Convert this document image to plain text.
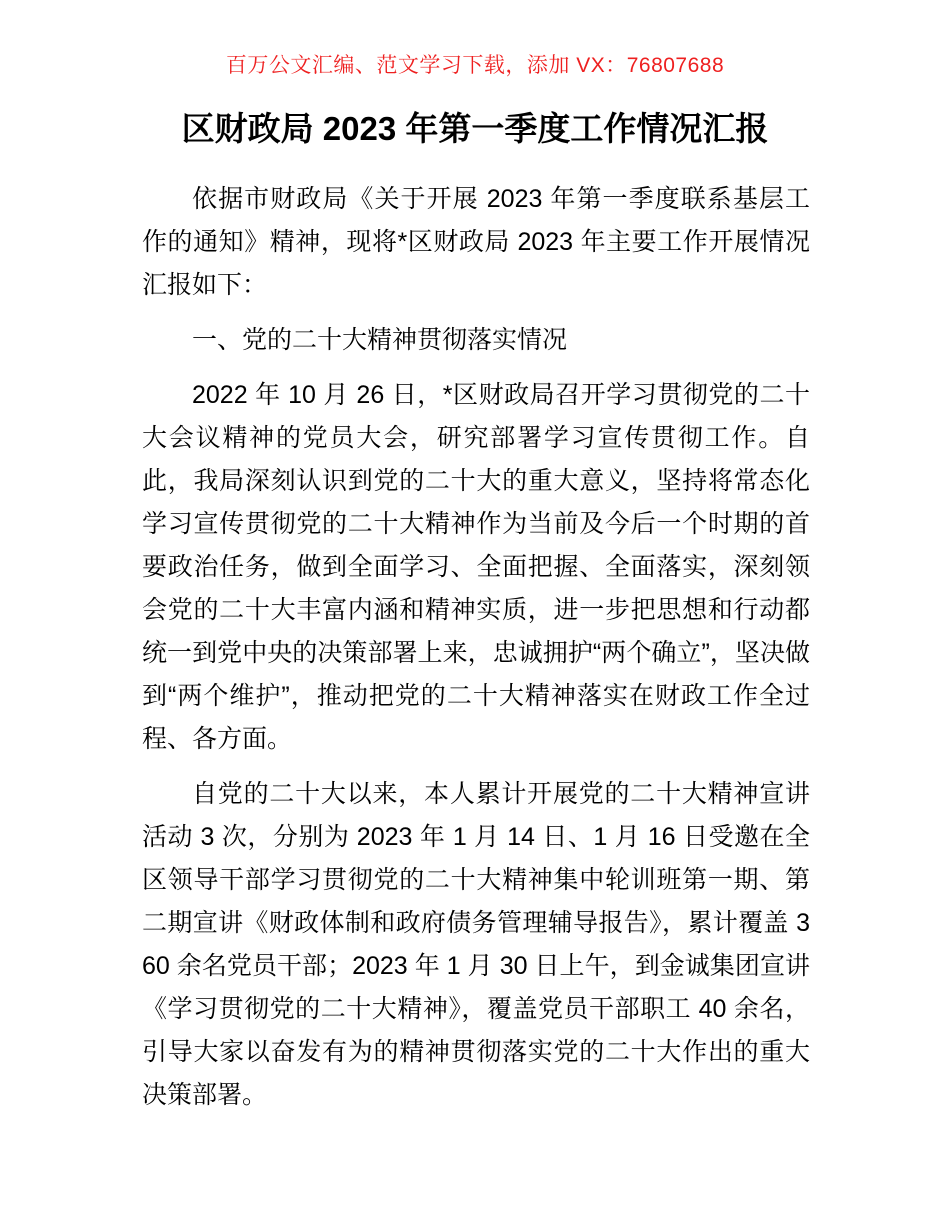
百万公文汇编、范文学习下载，添加 VX：76807688
区财政局 2023 年第一季度工作情况汇报

依据市财政局《关于开展 2023 年第一季度联系基层工作的通知》精神，现将*区财政局 2023 年主要工作开展情况汇报如下：

一、党的二十大精神贯彻落实情况

2022 年 10 月 26 日，*区财政局召开学习贯彻党的二十大会议精神的党员大会，研究部署学习宣传贯彻工作。自此，我局深刻认识到党的二十大的重大意义，坚持将常态化学习宣传贯彻党的二十大精神作为当前及今后一个时期的首要政治任务，做到全面学习、全面把握、全面落实，深刻领会党的二十大丰富内涵和精神实质，进一步把思想和行动都统一到党中央的决策部署上来，忠诚拥护“两个确立”，坚决做到“两个维护”，推动把党的二十大精神落实在财政工作全过程、各方面。

自党的二十大以来，本人累计开展党的二十大精神宣讲活动 3 次，分别为 2023 年 1 月 14 日、1 月 16 日受邀在全区领导干部学习贯彻党的二十大精神集中轮训班第一期、第二期宣讲《财政体制和政府债务管理辅导报告》，累计覆盖 360 余名党员干部；2023 年 1 月 30 日上午，到金诚集团宣讲《学习贯彻党的二十大精神》，覆盖党员干部职工 40 余名，引导大家以奋发有为的精神贯彻落实党的二十大作出的重大决策部署。
